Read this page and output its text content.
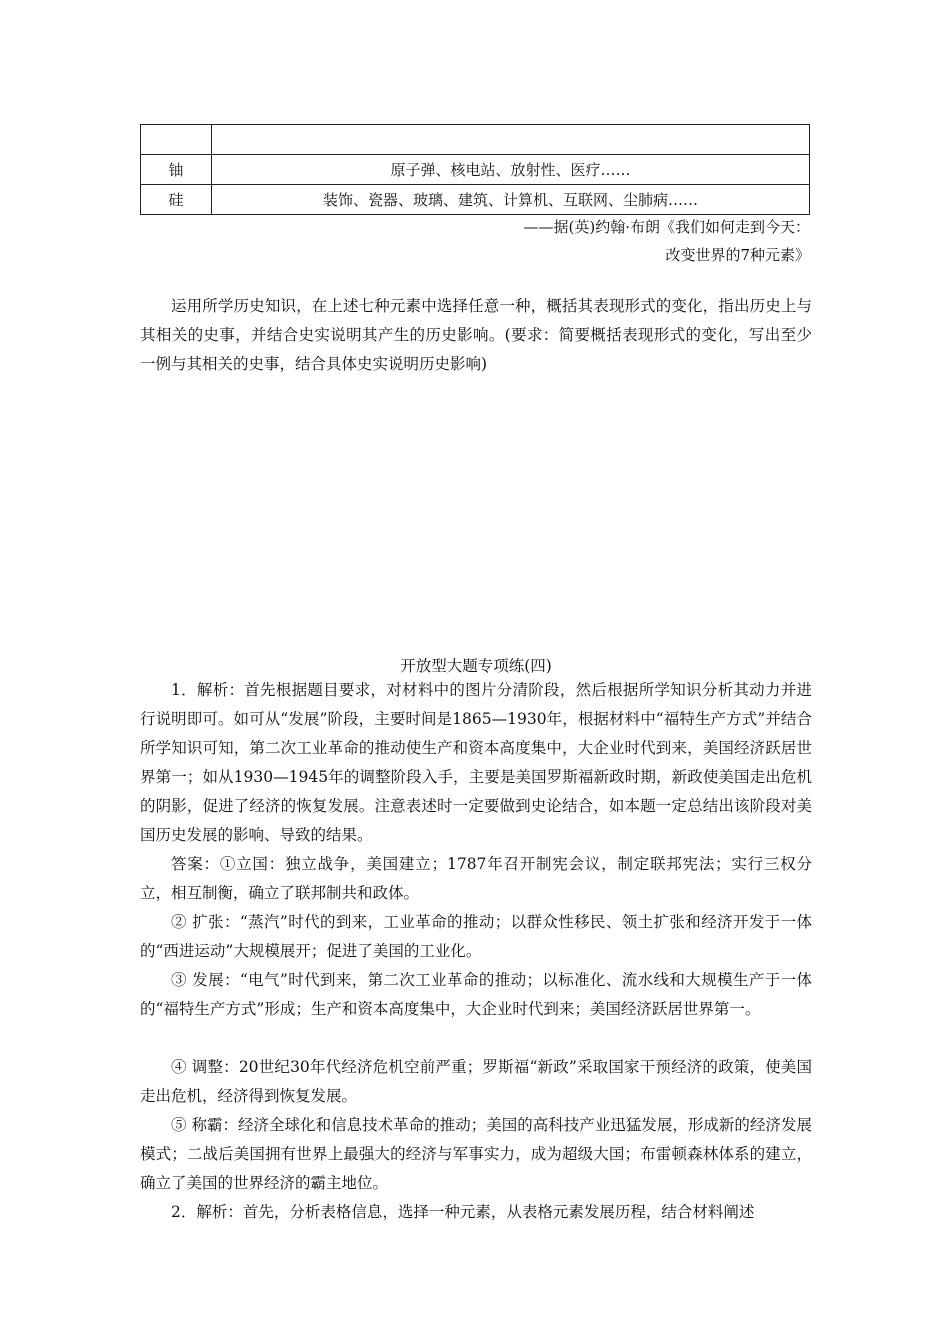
铀	原子弹、核电站、放射性、医疗……
硅	装饰、瓷器、玻璃、建筑、计算机、互联网、尘肺病……
——据(英)约翰·布朗《我们如何走到今天：
改变世界的7种元素》

运用所学历史知识，在上述七种元素中选择任意一种，概括其表现形式的变化，指出历史上与其相关的史事，并结合史实说明其产生的历史影响。(要求：简要概括表现形式的变化，写出至少一例与其相关的史事，结合具体史实说明历史影响)

开放型大题专项练(四)

1．解析：首先根据题目要求，对材料中的图片分清阶段，然后根据所学知识分析其动力并进行说明即可。如可从“发展”阶段，主要时间是1865—1930年，根据材料中“福特生产方式”并结合所学知识可知，第二次工业革命的推动使生产和资本高度集中，大企业时代到来，美国经济跃居世界第一；如从1930—1945年的调整阶段入手，主要是美国罗斯福新政时期，新政使美国走出危机的阴影，促进了经济的恢复发展。注意表述时一定要做到史论结合，如本题一定总结出该阶段对美国历史发展的影响、导致的结果。

答案：①立国：独立战争，美国建立；1787年召开制宪会议，制定联邦宪法；实行三权分立，相互制衡，确立了联邦制共和政体。

② 扩张：“蒸汽”时代的到来，工业革命的推动；以群众性移民、领土扩张和经济开发于一体的“西进运动”大规模展开；促进了美国的工业化。

③ 发展：“电气”时代到来，第二次工业革命的推动；以标准化、流水线和大规模生产于一体的“福特生产方式”形成；生产和资本高度集中，大企业时代到来；美国经济跃居世界第一。

④ 调整：20世纪30年代经济危机空前严重；罗斯福“新政”采取国家干预经济的政策，使美国走出危机，经济得到恢复发展。

⑤ 称霸：经济全球化和信息技术革命的推动；美国的高科技产业迅猛发展，形成新的经济发展模式；二战后美国拥有世界上最强大的经济与军事实力，成为超级大国；布雷顿森林体系的建立，确立了美国的世界经济的霸主地位。

2．解析：首先，分析表格信息，选择一种元素，从表格元素发展历程，结合材料阐述
